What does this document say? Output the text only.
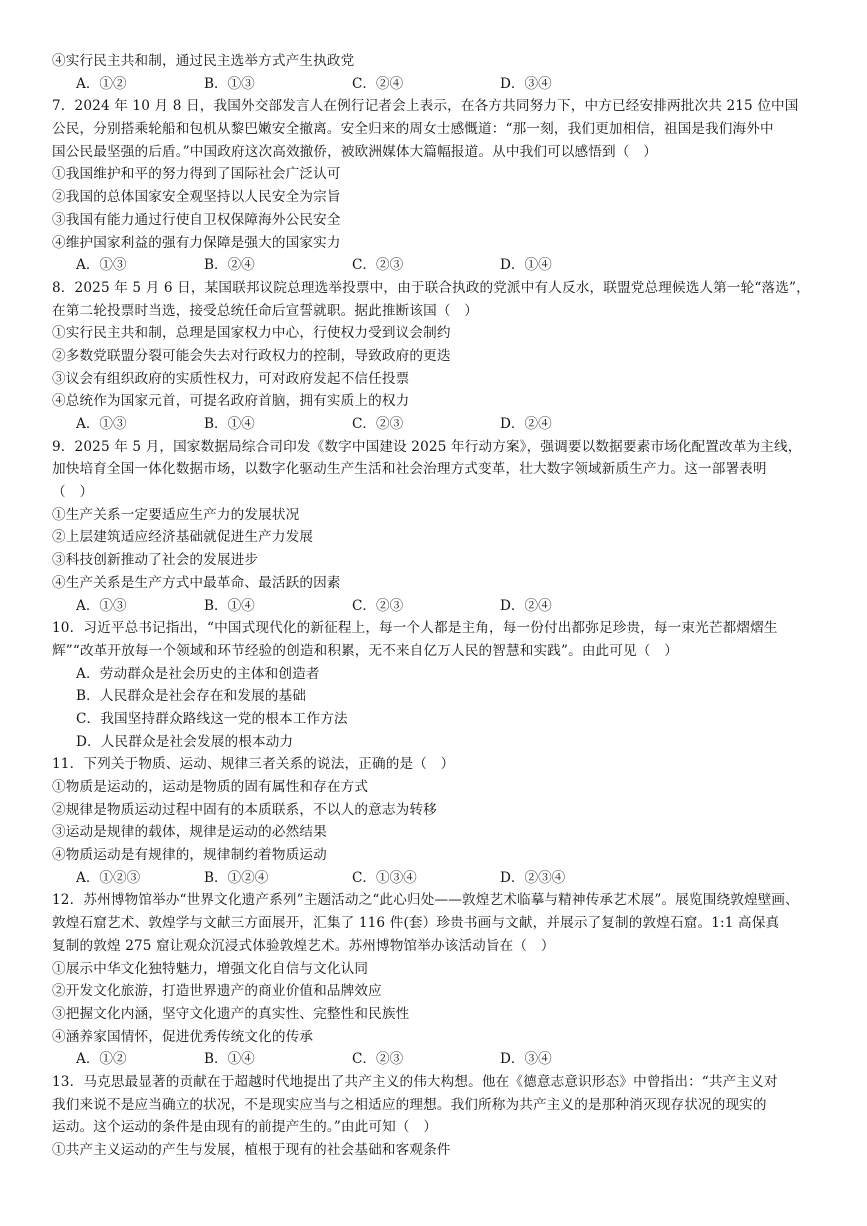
④实行民主共和制，通过民主选举方式产生执政党
A．①②	B．①③	C．②④	D．③④
7．2024 年 10 月 8 日，我国外交部发言人在例行记者会上表示，在各方共同努力下，中方已经安排两批次共 215 位中国
公民，分别搭乘轮船和包机从黎巴嫩安全撤离。安全归来的周女士感慨道：“那一刻，我们更加相信，祖国是我们海外中
国公民最坚强的后盾。”中国政府这次高效撤侨，被欧洲媒体大篇幅报道。从中我们可以感悟到（　）
①我国维护和平的努力得到了国际社会广泛认可
②我国的总体国家安全观坚持以人民安全为宗旨
③我国有能力通过行使自卫权保障海外公民安全
④维护国家利益的强有力保障是强大的国家实力
A．①③	B．②④	C．②③	D．①④
8．2025 年 5 月 6 日，某国联邦议院总理选举投票中，由于联合执政的党派中有人反水，联盟党总理候选人第一轮“落选”，
在第二轮投票时当选，接受总统任命后宣誓就职。据此推断该国（　）
①实行民主共和制，总理是国家权力中心，行使权力受到议会制约
②多数党联盟分裂可能会失去对行政权力的控制，导致政府的更迭
③议会有组织政府的实质性权力，可对政府发起不信任投票
④总统作为国家元首，可提名政府首脑，拥有实质上的权力
A．①③	B．①④	C．②③	D．②④
9．2025 年 5 月，国家数据局综合司印发《数字中国建设 2025 年行动方案》，强调要以数据要素市场化配置改革为主线，
加快培育全国一体化数据市场，以数字化驱动生产生活和社会治理方式变革，壮大数字领域新质生产力。这一部署表明
（　）
①生产关系一定要适应生产力的发展状况
②上层建筑适应经济基础就促进生产力发展
③科技创新推动了社会的发展进步
④生产关系是生产方式中最革命、最活跃的因素
A．①③	B．①④	C．②③	D．②④
10．习近平总书记指出，“中国式现代化的新征程上，每一个人都是主角，每一份付出都弥足珍贵，每一束光芒都熠熠生
辉”“改革开放每一个领域和环节经验的创造和积累，无不来自亿万人民的智慧和实践”。由此可见（　）
A．劳动群众是社会历史的主体和创造者
B．人民群众是社会存在和发展的基础
C．我国坚持群众路线这一党的根本工作方法
D．人民群众是社会发展的根本动力
11．下列关于物质、运动、规律三者关系的说法，正确的是（　）
①物质是运动的，运动是物质的固有属性和存在方式
②规律是物质运动过程中固有的本质联系，不以人的意志为转移
③运动是规律的载体，规律是运动的必然结果
④物质运动是有规律的，规律制约着物质运动
A．①②③	B．①②④	C．①③④	D．②③④
12．苏州博物馆举办“世界文化遗产系列”主题活动之“此心归处——敦煌艺术临摹与精神传承艺术展”。展览围绕敦煌壁画、
敦煌石窟艺术、敦煌学与文献三方面展开，汇集了 116 件(套）珍贵书画与文献，并展示了复制的敦煌石窟。1:1 高保真
复制的敦煌 275 窟让观众沉浸式体验敦煌艺术。苏州博物馆举办该活动旨在（　）
①展示中华文化独特魅力，增强文化自信与文化认同
②开发文化旅游，打造世界遗产的商业价值和品牌效应
③把握文化内涵，坚守文化遗产的真实性、完整性和民族性
④涵养家国情怀，促进优秀传统文化的传承
A．①②	B．①④	C．②③	D．③④
13．马克思最显著的贡献在于超越时代地提出了共产主义的伟大构想。他在《德意志意识形态》中曾指出：“共产主义对
我们来说不是应当确立的状况，不是现实应当与之相适应的理想。我们所称为共产主义的是那种消灭现存状况的现实的
运动。这个运动的条件是由现有的前提产生的。”由此可知（　）
①共产主义运动的产生与发展，植根于现有的社会基础和客观条件
